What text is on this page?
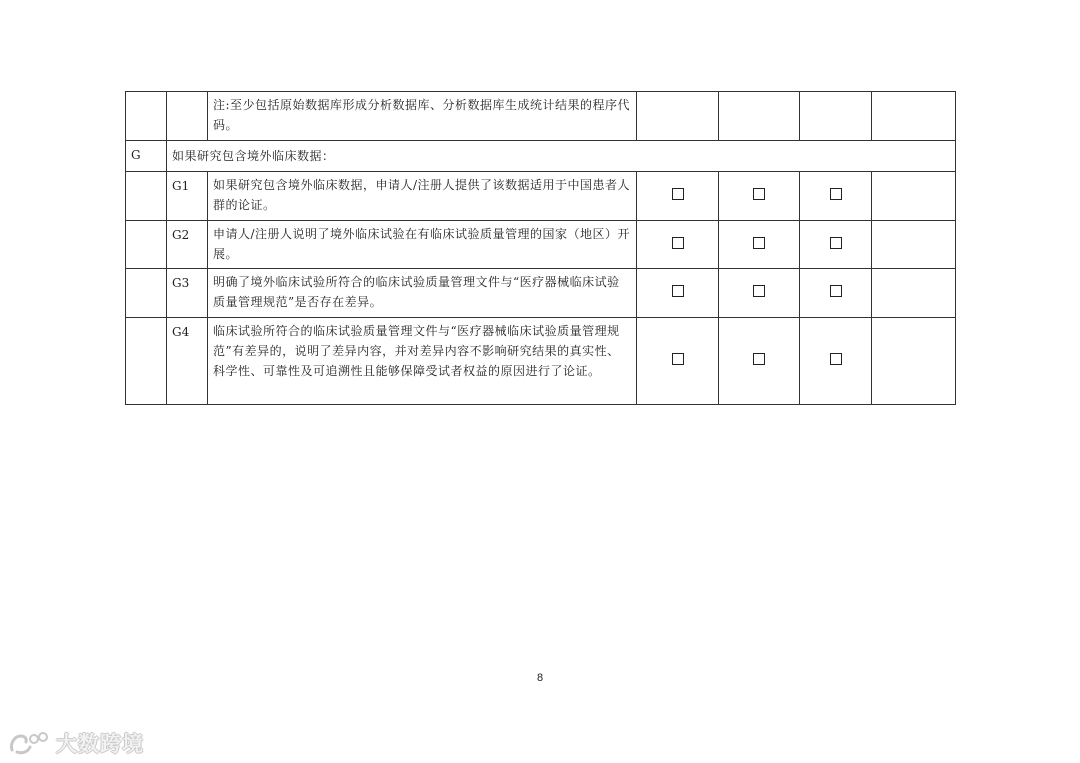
		注:至少包括原始数据库形成分析数据库、分析数据库生成统计结果的程序代码。				
G	如果研究包含境外临床数据：					
	G1	如果研究包含境外临床数据，申请人/注册人提供了该数据适用于中国患者人群的论证。				
	G2	申请人/注册人说明了境外临床试验在有临床试验质量管理的国家（地区）开展。				
	G3	明确了境外临床试验所符合的临床试验质量管理文件与“医疗器械临床试验质量管理规范”是否存在差异。				
	G4	临床试验所符合的临床试验质量管理文件与“医疗器械临床试验质量管理规范”有差异的，说明了差异内容，并对差异内容不影响研究结果的真实性、科学性、可靠性及可追溯性且能够保障受试者权益的原因进行了论证。				
8
大数跨境
